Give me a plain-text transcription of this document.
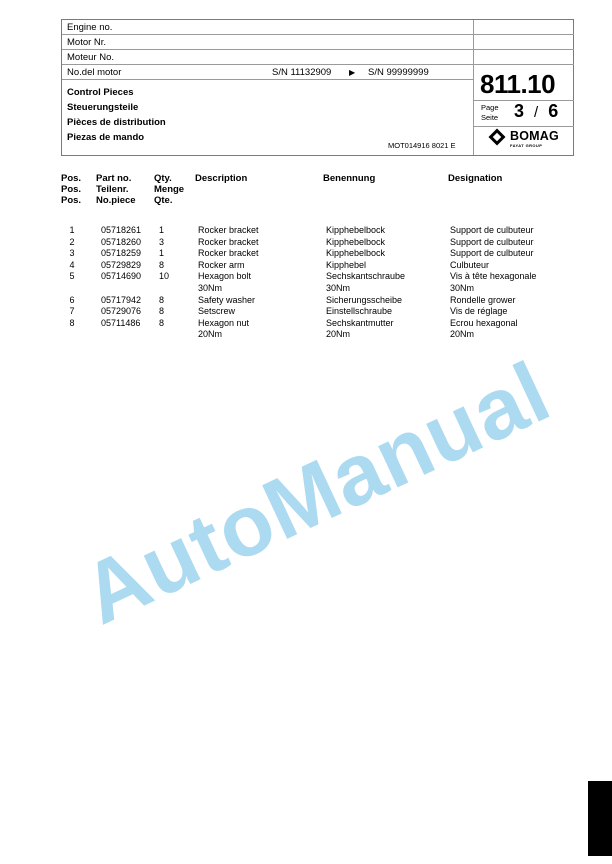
Engine no.
Motor Nr.
Moteur No.
No.del motor	S/N 11132909 ▶ S/N 99999999
Control Pieces
Steuerungsteile
Pièces de distribution
Piezas de mando
MOT014916 8021 E
811.10
Page
Seite 3 / 6
BOMAG
FAYAT GROUP
Pos.
Pos.
Pos.
Part no.
Teilenr.
No.piece
Qty.
Menge
Qte.
Description	Benennung	Designation
1	05718261 1	Rocker bracket	Kipphebelbock	Support de culbuteur
2	05718260 3	Rocker bracket	Kipphebelbock	Support de culbuteur
3	05718259 1	Rocker bracket	Kipphebelbock	Support de culbuteur
4	05729829 8	Rocker arm	Kipphebel	Culbuteur
5	05714690 10	Hexagon bolt	Sechskantschraube	Vis à tête hexagonale
30Nm	30Nm	30Nm
6	05717942 8	Safety washer	Sicherungsscheibe	Rondelle grower
7	05729076 8	Setscrew	Einstellschraube	Vis de réglage
8	05711486 8	Hexagon nut	Sechskantmutter	Ecrou hexagonal
20Nm	20Nm	20Nm
AutoManual
